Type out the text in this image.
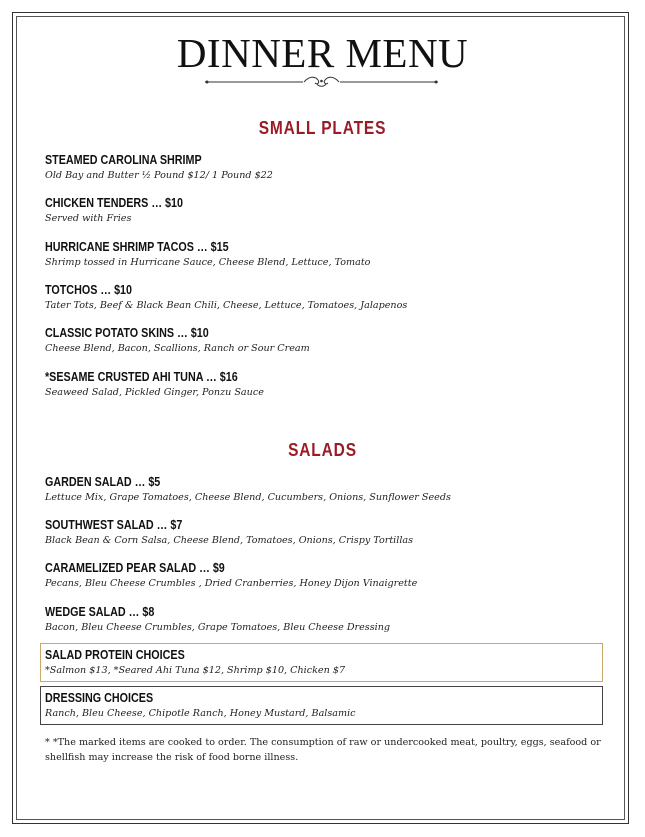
DINNER MENU
SMALL PLATES
STEAMED CAROLINA SHRIMP
Old Bay and Butter ½ Pound $12/ 1 Pound $22
CHICKEN TENDERS … $10
Served with Fries
HURRICANE SHRIMP TACOS … $15
Shrimp tossed in Hurricane Sauce, Cheese Blend, Lettuce, Tomato
TOTCHOS … $10
Tater Tots, Beef & Black Bean Chili, Cheese, Lettuce, Tomatoes, Jalapenos
CLASSIC POTATO SKINS … $10
Cheese Blend, Bacon, Scallions, Ranch or Sour Cream
*SESAME CRUSTED AHI TUNA … $16
Seaweed Salad, Pickled Ginger, Ponzu Sauce
SALADS
GARDEN SALAD … $5
Lettuce Mix, Grape Tomatoes, Cheese Blend, Cucumbers, Onions, Sunflower Seeds
SOUTHWEST SALAD … $7
Black Bean & Corn Salsa, Cheese Blend, Tomatoes, Onions, Crispy Tortillas
CARAMELIZED PEAR SALAD … $9
Pecans, Bleu Cheese Crumbles , Dried Cranberries, Honey Dijon Vinaigrette
WEDGE SALAD … $8
Bacon, Bleu Cheese Crumbles, Grape Tomatoes, Bleu Cheese Dressing
SALAD PROTEIN CHOICES
*Salmon $13, *Seared Ahi Tuna $12, Shrimp $10, Chicken $7
DRESSING CHOICES
Ranch, Bleu Cheese, Chipotle Ranch, Honey Mustard, Balsamic
* *The marked items are cooked to order. The consumption of raw or undercooked meat, poultry, eggs, seafood or shellfish may increase the risk of food borne illness.
